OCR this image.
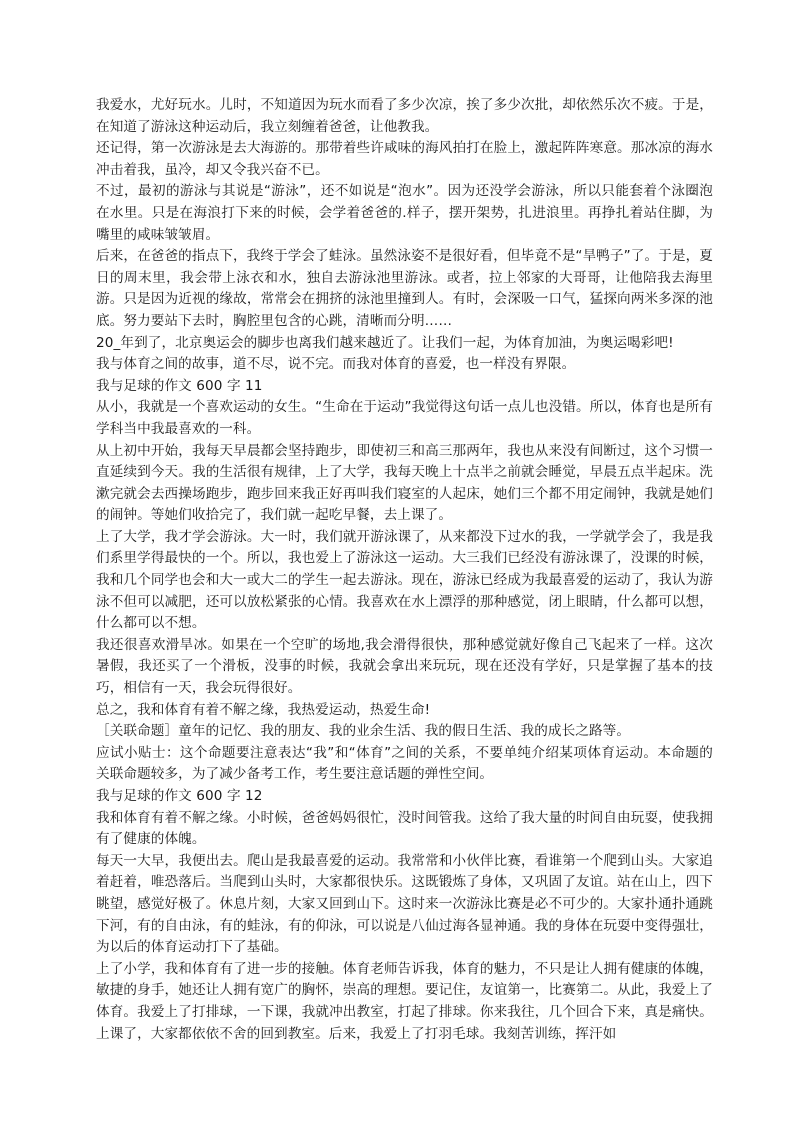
我爱水，尤好玩水。儿时，不知道因为玩水而看了多少次凉，挨了多少次批，却依然乐次不疲。于是，在知道了游泳这种运动后，我立刻缠着爸爸，让他教我。

还记得，第一次游泳是去大海游的。那带着些许咸味的海风拍打在脸上，激起阵阵寒意。那冰凉的海水冲击着我，虽冷，却又令我兴奋不已。

不过，最初的游泳与其说是“游泳”，还不如说是“泡水”。因为还没学会游泳，所以只能套着个泳圈泡在水里。只是在海浪打下来的时候，会学着爸爸的.样子，摆开架势，扎进浪里。再挣扎着站住脚，为嘴里的咸味皱皱眉。

后来，在爸爸的指点下，我终于学会了蛙泳。虽然泳姿不是很好看，但毕竟不是“旱鸭子”了。于是，夏日的周末里，我会带上泳衣和水，独自去游泳池里游泳。或者，拉上邻家的大哥哥，让他陪我去海里游。只是因为近视的缘故，常常会在拥挤的泳池里撞到人。有时，会深吸一口气，猛探向两米多深的池底。努力要站下去时，胸腔里包含的心跳，清晰而分明……

20_年到了，北京奥运会的脚步也离我们越来越近了。让我们一起，为体育加油，为奥运喝彩吧!

我与体育之间的故事，道不尽，说不完。而我对体育的喜爱，也一样没有界限。

我与足球的作文 600 字 11

从小，我就是一个喜欢运动的女生。“生命在于运动”我觉得这句话一点儿也没错。所以，体育也是所有学科当中我最喜欢的一科。

从上初中开始，我每天早晨都会坚持跑步，即使初三和高三那两年，我也从来没有间断过，这个习惯一直延续到今天。我的生活很有规律，上了大学，我每天晚上十点半之前就会睡觉，早晨五点半起床。洗漱完就会去西操场跑步，跑步回来我正好再叫我们寝室的人起床，她们三个都不用定闹钟，我就是她们的闹钟。等她们收拾完了，我们就一起吃早餐，去上课了。

上了大学，我才学会游泳。大一时，我们就开游泳课了，从来都没下过水的我，一学就学会了，我是我们系里学得最快的一个。所以，我也爱上了游泳这一运动。大三我们已经没有游泳课了，没课的时候，我和几个同学也会和大一或大二的学生一起去游泳。现在，游泳已经成为我最喜爱的运动了，我认为游泳不但可以减肥，还可以放松紧张的心情。我喜欢在水上漂浮的那种感觉，闭上眼睛，什么都可以想，什么都可以不想。

我还很喜欢滑旱冰。如果在一个空旷的场地,我会滑得很快，那种感觉就好像自己飞起来了一样。这次暑假，我还买了一个滑板，没事的时候，我就会拿出来玩玩，现在还没有学好，只是掌握了基本的技巧，相信有一天，我会玩得很好。

总之，我和体育有着不解之缘，我热爱运动，热爱生命!

［关联命题］童年的记忆、我的朋友、我的业余生活、我的假日生活、我的成长之路等。

应试小贴士：这个命题要注意表达“我”和“体育”之间的关系，不要单纯介绍某项体育运动。本命题的关联命题较多，为了减少备考工作，考生要注意话题的弹性空间。

我与足球的作文 600 字 12

我和体育有着不解之缘。小时候，爸爸妈妈很忙，没时间管我。这给了我大量的时间自由玩耍，使我拥有了健康的体魄。

每天一大早，我便出去。爬山是我最喜爱的运动。我常常和小伙伴比赛，看谁第一个爬到山头。大家追着赶着，唯恐落后。当爬到山头时，大家都很快乐。这既锻炼了身体，又巩固了友谊。站在山上，四下眺望，感觉好极了。休息片刻，大家又回到山下。这时来一次游泳比赛是必不可少的。大家扑通扑通跳下河，有的自由泳，有的蛙泳，有的仰泳，可以说是八仙过海各显神通。我的身体在玩耍中变得强壮，为以后的体育运动打下了基础。

上了小学，我和体育有了进一步的接触。体育老师告诉我，体育的魅力，不只是让人拥有健康的体魄，敏捷的身手，她还让人拥有宽广的胸怀，崇高的理想。要记住，友谊第一，比赛第二。从此，我爱上了体育。我爱上了打排球，一下课，我就冲出教室，打起了排球。你来我往，几个回合下来，真是痛快。上课了，大家都依依不舍的回到教室。后来，我爱上了打羽毛球。我刻苦训练，挥汗如
